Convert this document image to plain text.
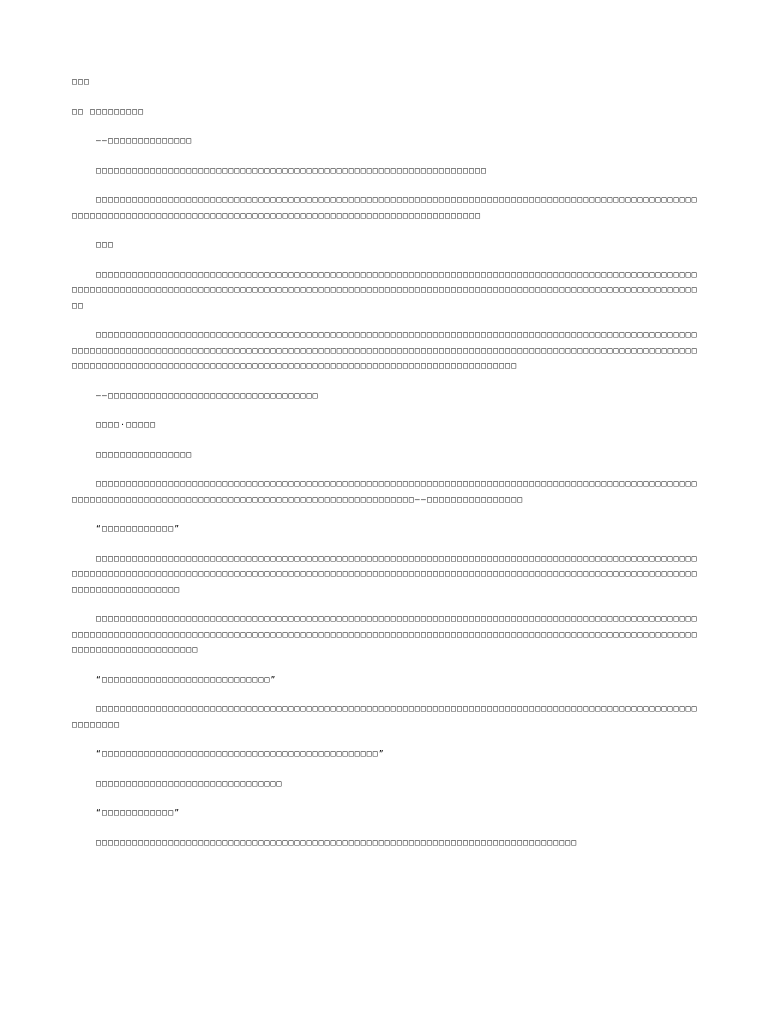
□□□
□□ □□□□□□□□□
——□□□□□□□□□□□□□□
□□□□□□□□□□□□□□□□□□□□□□□□□□□□□□□□□□□□□□□□□□□□□□□□□□□□□□□□□□□□□□□□□
□□□□□□□□□□□□□□□□□□□□□□□□□□□□□□□□□□□□□□□□□□□□□□□□□□□□□□□□□□□□□□□□□□□□□□□□□□□□□□□□□□□□□□□□□□□□□□□□□□□□□□□□□□□□□□□□□□□□□□□□□□□□□□□□□□□□□□□□□□□□□□□□□□□□□□□□□□□□□□□□□□□□□□□□
□□□
□□□□□□□□□□□□□□□□□□□□□□□□□□□□□□□□□□□□□□□□□□□□□□□□□□□□□□□□□□□□□□□□□□□□□□□□□□□□□□□□□□□□□□□□□□□□□□□□□□□□□□□□□□□□□□□□□□□□□□□□□□□□□□□□□□□□□□□□□□□□□□□□□□□□□□□□□□□□□□□□□□□□□□□□□□□□□□□□□□□□□□□□□□□□□□□□□□□□□□□□□□□□□□
□□□□□□□□□□□□□□□□□□□□□□□□□□□□□□□□□□□□□□□□□□□□□□□□□□□□□□□□□□□□□□□□□□□□□□□□□□□□□□□□□□□□□□□□□□□□□□□□□□□□□□□□□□□□□□□□□□□□□□□□□□□□□□□□□□□□□□□□□□□□□□□□□□□□□□□□□□□□□□□□□□□□□□□□□□□□□□□□□□□□□□□□□□□□□□□□□□□□□□□□□□□□□□□□□□□□□□□□□□□□□□□□□□□□□□□□□□□□□□□□□□□□□□□□□□□□□□□□□□□□□□□□□□□□□□□□□□□□□□
——□□□□□□□□□□□□□□□□□□□□□□□□□□□□□□□□□□□
□□□□·□□□□□
□□□□□□□□□□□□□□□□
□□□□□□□□□□□□□□□□□□□□□□□□□□□□□□□□□□□□□□□□□□□□□□□□□□□□□□□□□□□□□□□□□□□□□□□□□□□□□□□□□□□□□□□□□□□□□□□□□□□□□□□□□□□□□□□□□□□□□□□□□□□□□□□□□□□□□□□□□□□□□□□□□□□□□□□□□□□□□——□□□□□□□□□□□□□□□□
“□□□□□□□□□□□□”
□□□□□□□□□□□□□□□□□□□□□□□□□□□□□□□□□□□□□□□□□□□□□□□□□□□□□□□□□□□□□□□□□□□□□□□□□□□□□□□□□□□□□□□□□□□□□□□□□□□□□□□□□□□□□□□□□□□□□□□□□□□□□□□□□□□□□□□□□□□□□□□□□□□□□□□□□□□□□□□□□□□□□□□□□□□□□□□□□□□□□□□□□□□□□□□□□□□□□□□□□□□□□□□□□□□□□□□□□□□□□□
□□□□□□□□□□□□□□□□□□□□□□□□□□□□□□□□□□□□□□□□□□□□□□□□□□□□□□□□□□□□□□□□□□□□□□□□□□□□□□□□□□□□□□□□□□□□□□□□□□□□□□□□□□□□□□□□□□□□□□□□□□□□□□□□□□□□□□□□□□□□□□□□□□□□□□□□□□□□□□□□□□□□□□□□□□□□□□□□□□□□□□□□□□□□□□□□□□□□□□□□□□□□□□□□□□□□□□□□□□□□□□□□□
“□□□□□□□□□□□□□□□□□□□□□□□□□□□□”
□□□□□□□□□□□□□□□□□□□□□□□□□□□□□□□□□□□□□□□□□□□□□□□□□□□□□□□□□□□□□□□□□□□□□□□□□□□□□□□□□□□□□□□□□□□□□□□□□□□□□□□□□□□□
“□□□□□□□□□□□□□□□□□□□□□□□□□□□□□□□□□□□□□□□□□□□□□□”
□□□□□□□□□□□□□□□□□□□□□□□□□□□□□□□
“□□□□□□□□□□□□”
□□□□□□□□□□□□□□□□□□□□□□□□□□□□□□□□□□□□□□□□□□□□□□□□□□□□□□□□□□□□□□□□□□□□□□□□□□□□□□□□
